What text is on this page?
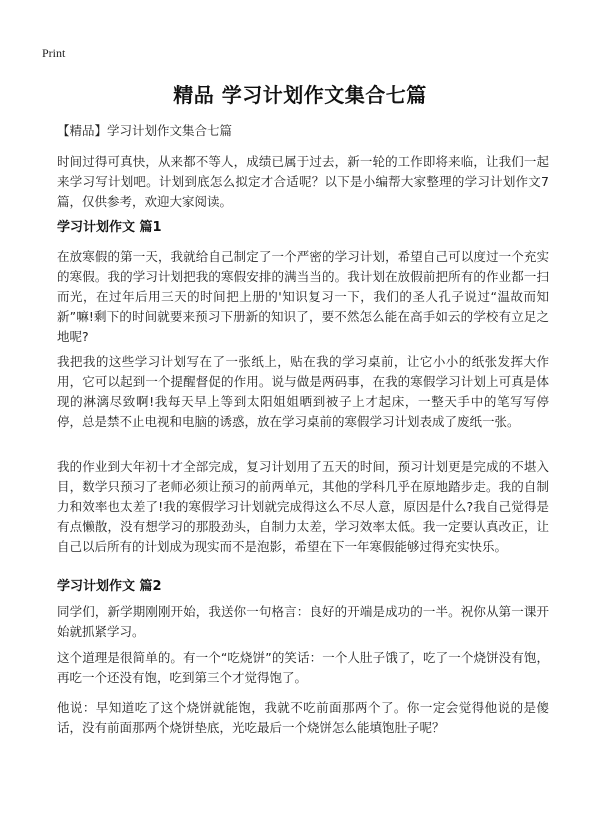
Print
精品 学习计划作文集合七篇
【精品】学习计划作文集合七篇

时间过得可真快，从来都不等人，成绩已属于过去，新一轮的工作即将来临，让我们一起来学习写计划吧。计划到底怎么拟定才合适呢？以下是小编帮大家整理的学习计划作文7篇，仅供参考，欢迎大家阅读。

学习计划作文 篇1

在放寒假的第一天，我就给自己制定了一个严密的学习计划，希望自己可以度过一个充实的寒假。我的学习计划把我的寒假安排的满当当的。我计划在放假前把所有的作业都一扫而光，在过年后用三天的时间把上册的'知识复习一下，我们的圣人孔子说过“温故而知新”嘛!剩下的时间就要来预习下册新的知识了，要不然怎么能在高手如云的学校有立足之地呢?

我把我的这些学习计划写在了一张纸上，贴在我的学习桌前，让它小小的纸张发挥大作用，它可以起到一个提醒督促的作用。说与做是两码事，在我的寒假学习计划上可真是体现的淋漓尽致啊!我每天早上等到太阳姐姐晒到被子上才起床，一整天手中的笔写写停停，总是禁不止电视和电脑的诱惑，放在学习桌前的寒假学习计划表成了废纸一张。

我的作业到大年初十才全部完成，复习计划用了五天的时间，预习计划更是完成的不堪入目，数学只预习了老师必须让预习的前两单元，其他的学科几乎在原地踏步走。我的自制力和效率也太差了!我的寒假学习计划就完成得这么不尽人意，原因是什么?我自己觉得是有点懒散，没有想学习的那股劲头，自制力太差，学习效率太低。我一定要认真改正，让自己以后所有的计划成为现实而不是泡影，希望在下一年寒假能够过得充实快乐。

学习计划作文 篇2

同学们，新学期刚刚开始，我送你一句格言：良好的开端是成功的一半。祝你从第一课开始就抓紧学习。

这个道理是很简单的。有一个“吃烧饼”的笑话：一个人肚子饿了，吃了一个烧饼没有饱，再吃一个还没有饱，吃到第三个才觉得饱了。

他说：早知道吃了这个烧饼就能饱，我就不吃前面那两个了。你一定会觉得他说的是傻话，没有前面那两个烧饼垫底，光吃最后一个烧饼怎么能填饱肚子呢？
